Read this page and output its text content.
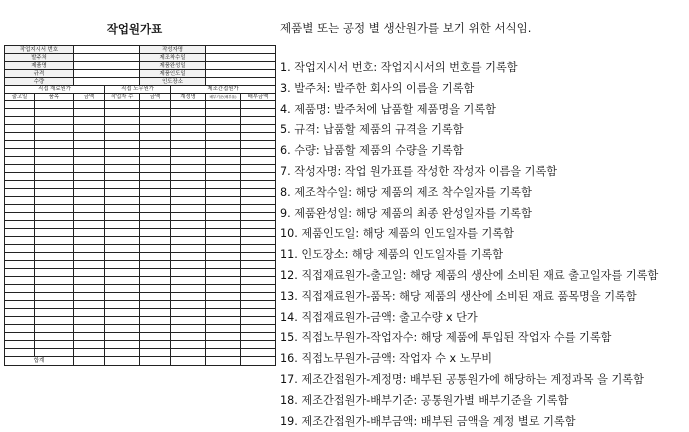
작업원가표
작업지시서 번호				작성자명			
발주처				제조착수일			
제품명				제품완성일			
규격				제품인도일			
수량				인도장소			
직접 재료원가			직접 노무원가		제조간접원가		
출고일	품목	금액	작업자 수	금액	계정명	배부기준(배부율)	배부금액

합계							
제품별 또는 공정 별 생산원가를 보기 위한 서식임.
1. 작업지시서 번호: 작업지시서의 번호를 기록함
3. 발주처: 발주한 회사의 이름을 기록함
4. 제품명: 발주처에 납품할 제품명을 기록함
5. 규격: 납품할 제품의 규격을 기록함
6. 수량: 납품할 제품의 수량을 기록함
7. 작성자명: 작업 원가표를 작성한 작성자 이름을 기록함
8. 제조착수일: 해당 제품의 제조 착수일자를 기록함
9. 제품완성일: 해당 제품의 최종 완성일자를 기록함
10. 제품인도일: 해당 제품의 인도일자를 기록함
11. 인도장소: 해당 제품의 인도일자를 기록함
12. 직접재료원가-출고일: 해당 제품의 생산에 소비된 재료 출고일자를 기록함
13. 직접재료원가-품목: 해당 제품의 생산에 소비된 재료 품목명을 기록함
14. 직접재료원가-금액: 출고수량 x 단가
15. 직접노무원가-작업자수: 해당 제품에 투입된 작업자 수를 기록함
16. 직접노무원가-금액: 작업자 수 x 노무비
17. 제조간접원가-계정명: 배부된 공통원가에 해당하는 계정과목 을 기록함
18. 제조간접원가-배부기준: 공통원가별 배부기준을 기록함
19. 제조간접원가-배부금액: 배부된 금액을 계정 별로 기록함
